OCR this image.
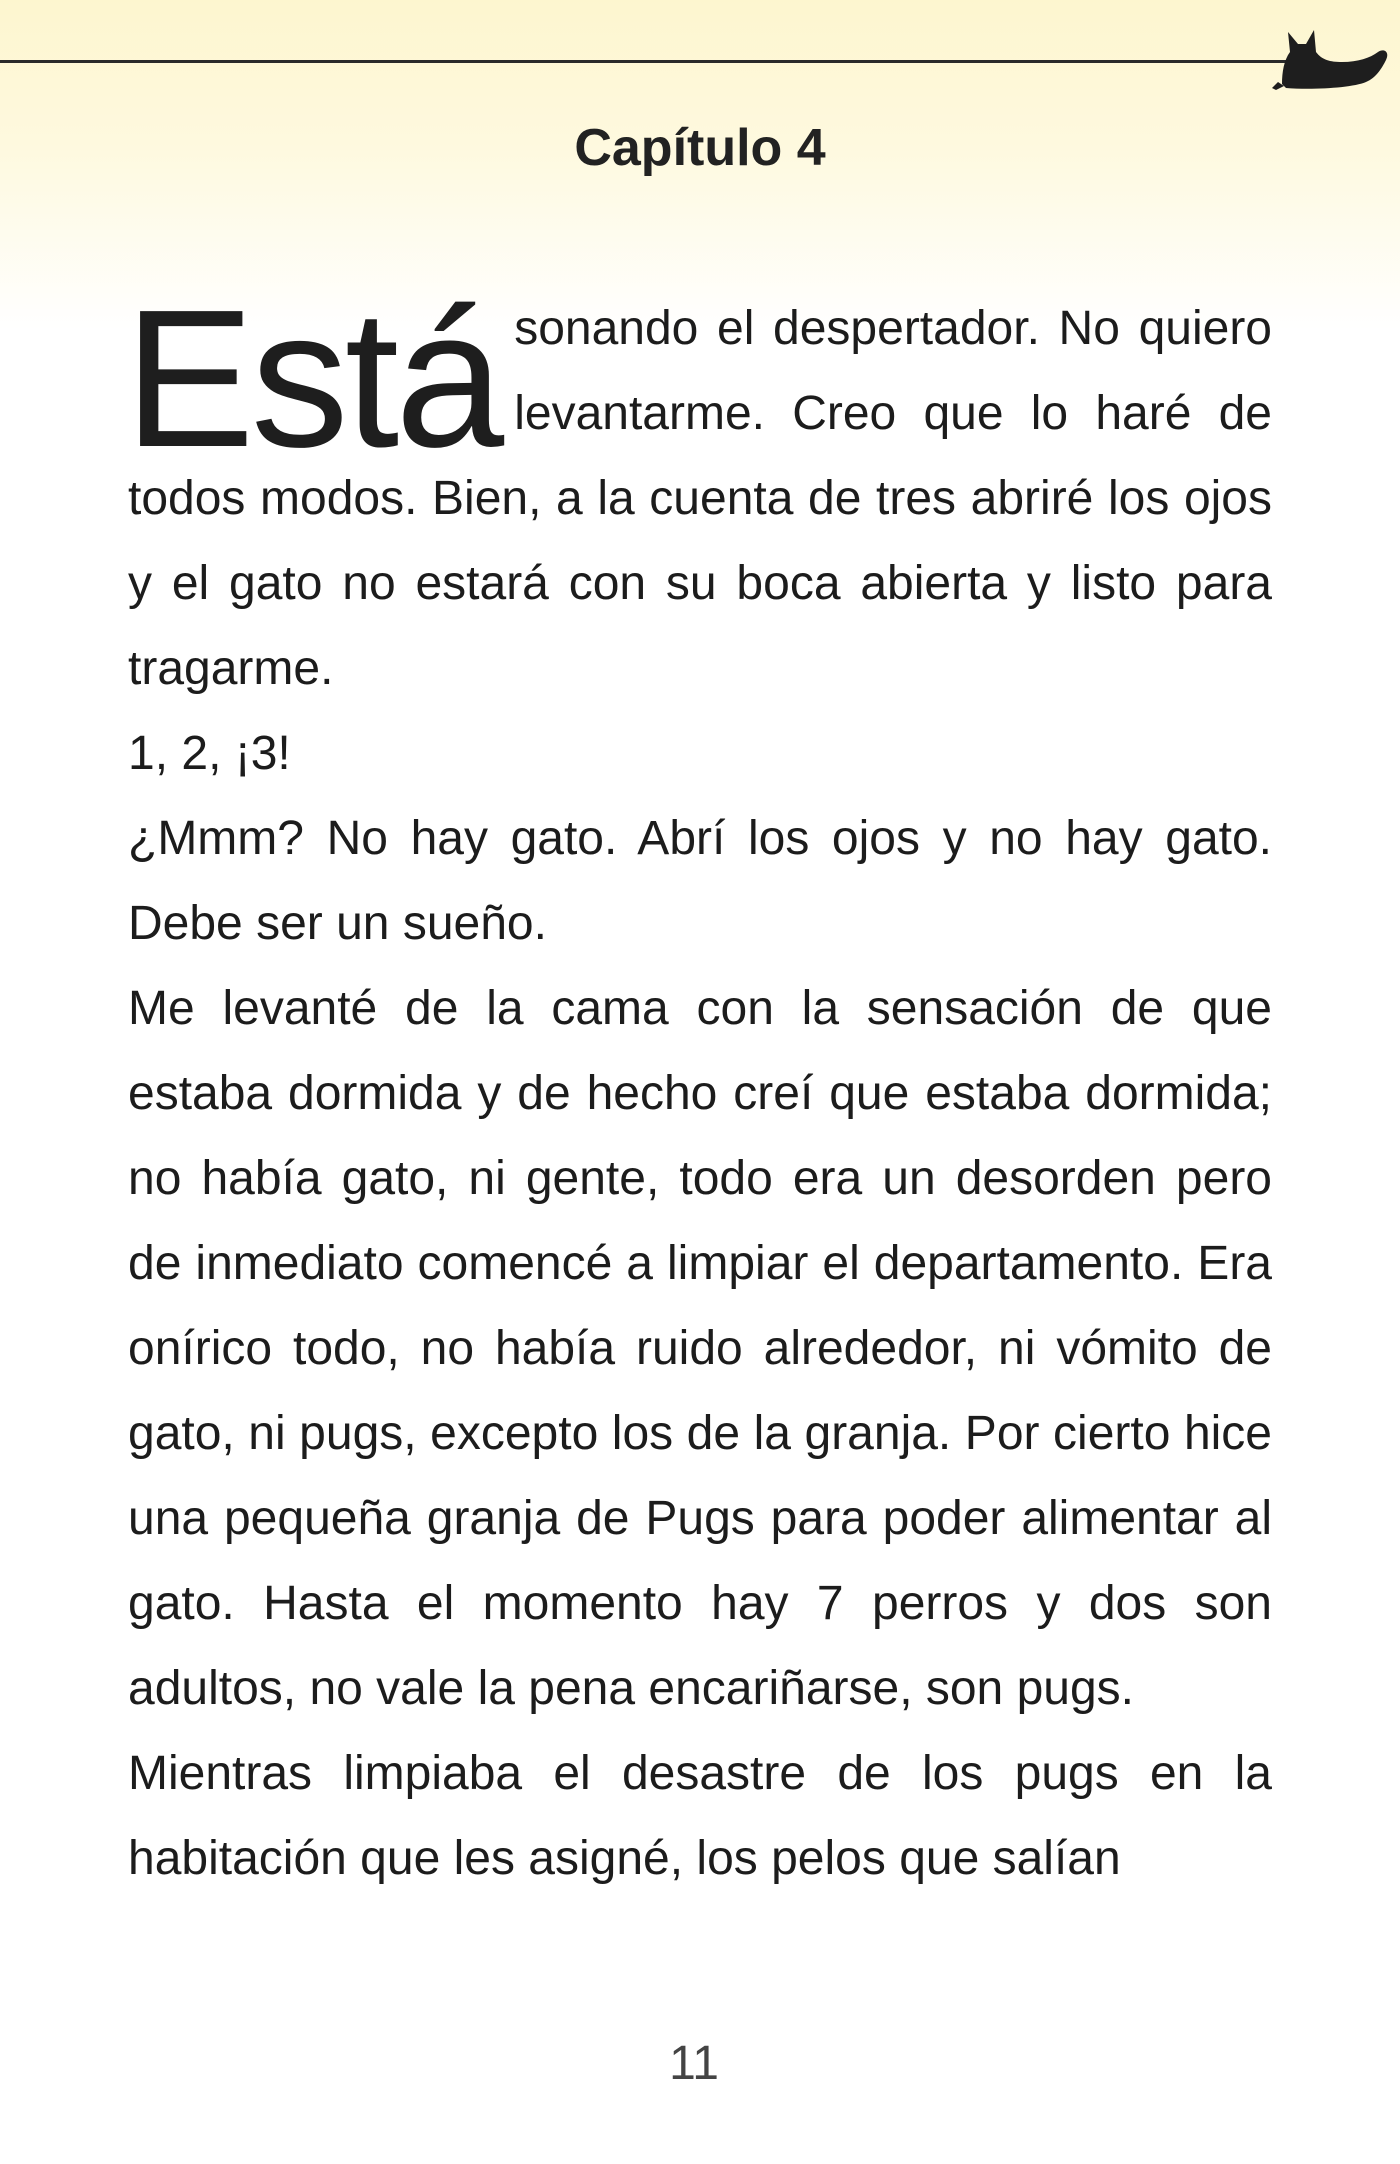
Capítulo 4

Está sonando el despertador. No quiero levantarme. Creo que lo haré de todos modos. Bien, a la cuenta de tres abriré los ojos y el gato no estará con su boca abierta y listo para tragarme.

1, 2, ¡3!

¿Mmm? No hay gato. Abrí los ojos y no hay gato. Debe ser un sueño.

Me levanté de la cama con la sensación de que estaba dormida y de hecho creí que estaba dormida; no había gato, ni gente, todo era un desorden pero de inmediato comencé a limpiar el departamento. Era onírico todo, no había ruido alrededor, ni vómito de gato, ni pugs, excepto los de la granja. Por cierto hice una pequeña granja de Pugs para poder alimentar al gato. Hasta el momento hay 7 perros y dos son adultos, no vale la pena encariñarse, son pugs.

Mientras limpiaba el desastre de los pugs en la habitación que les asigné, los pelos que salían

11
